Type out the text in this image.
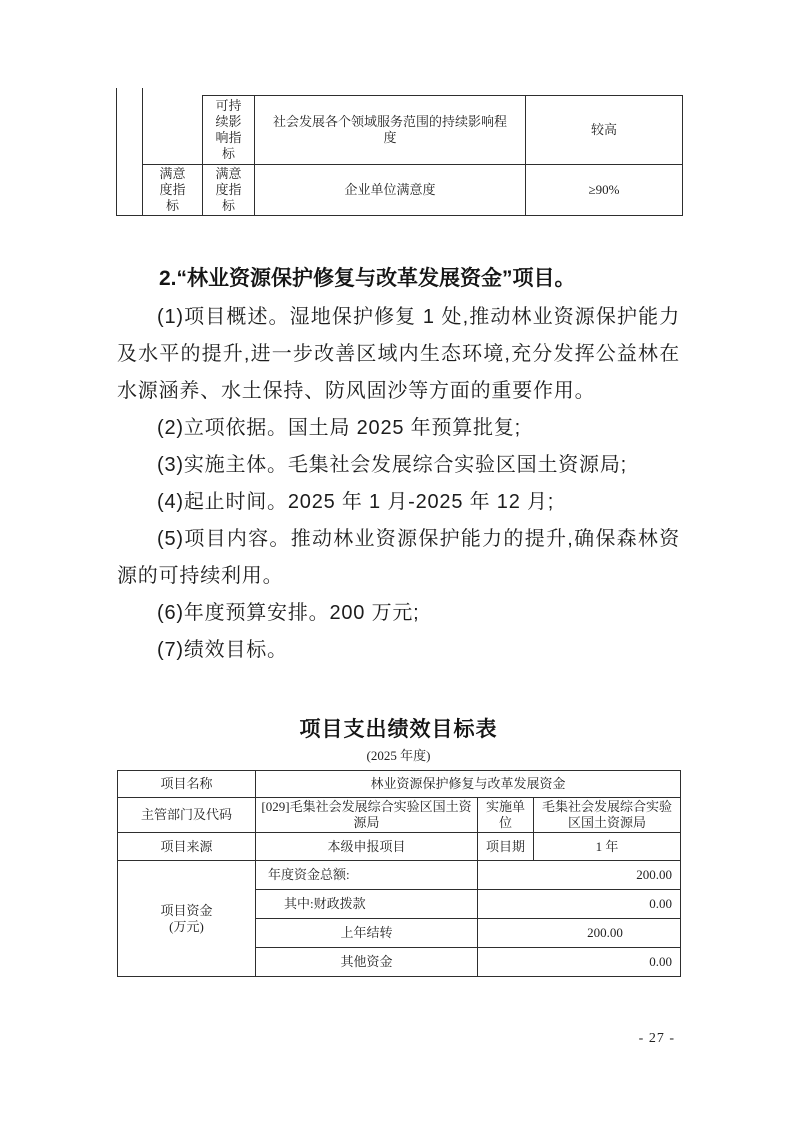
		可持续影响指标	社会发展各个领域服务范围的持续影响程度	较高
	满意度指标	满意度指标	企业单位满意度	≥90%
2.“林业资源保护修复与改革发展资金”项目。

(1)项目概述。湿地保护修复 1 处,推动林业资源保护能力及水平的提升,进一步改善区域内生态环境,充分发挥公益林在水源涵养、水土保持、防风固沙等方面的重要作用。

(2)立项依据。国土局 2025 年预算批复;

(3)实施主体。毛集社会发展综合实验区国土资源局;

(4)起止时间。2025 年 1 月-2025 年 12 月;

(5)项目内容。推动林业资源保护能力的提升,确保森林资源的可持续利用。

(6)年度预算安排。200 万元;

(7)绩效目标。

项目支出绩效目标表
(2025 年度)
项目名称	林业资源保护修复与改革发展资金		
主管部门及代码	[029]毛集社会发展综合实验区国土资源局	实施单位	毛集社会发展综合实验区国土资源局
项目来源	本级申报项目	项目期	1 年

项目资金
(万元)	年度资金总额:	200.00	
	其中:财政拨款	0.00	
	上年结转	200.00	
	其他资金	0.00	
- 27 -
